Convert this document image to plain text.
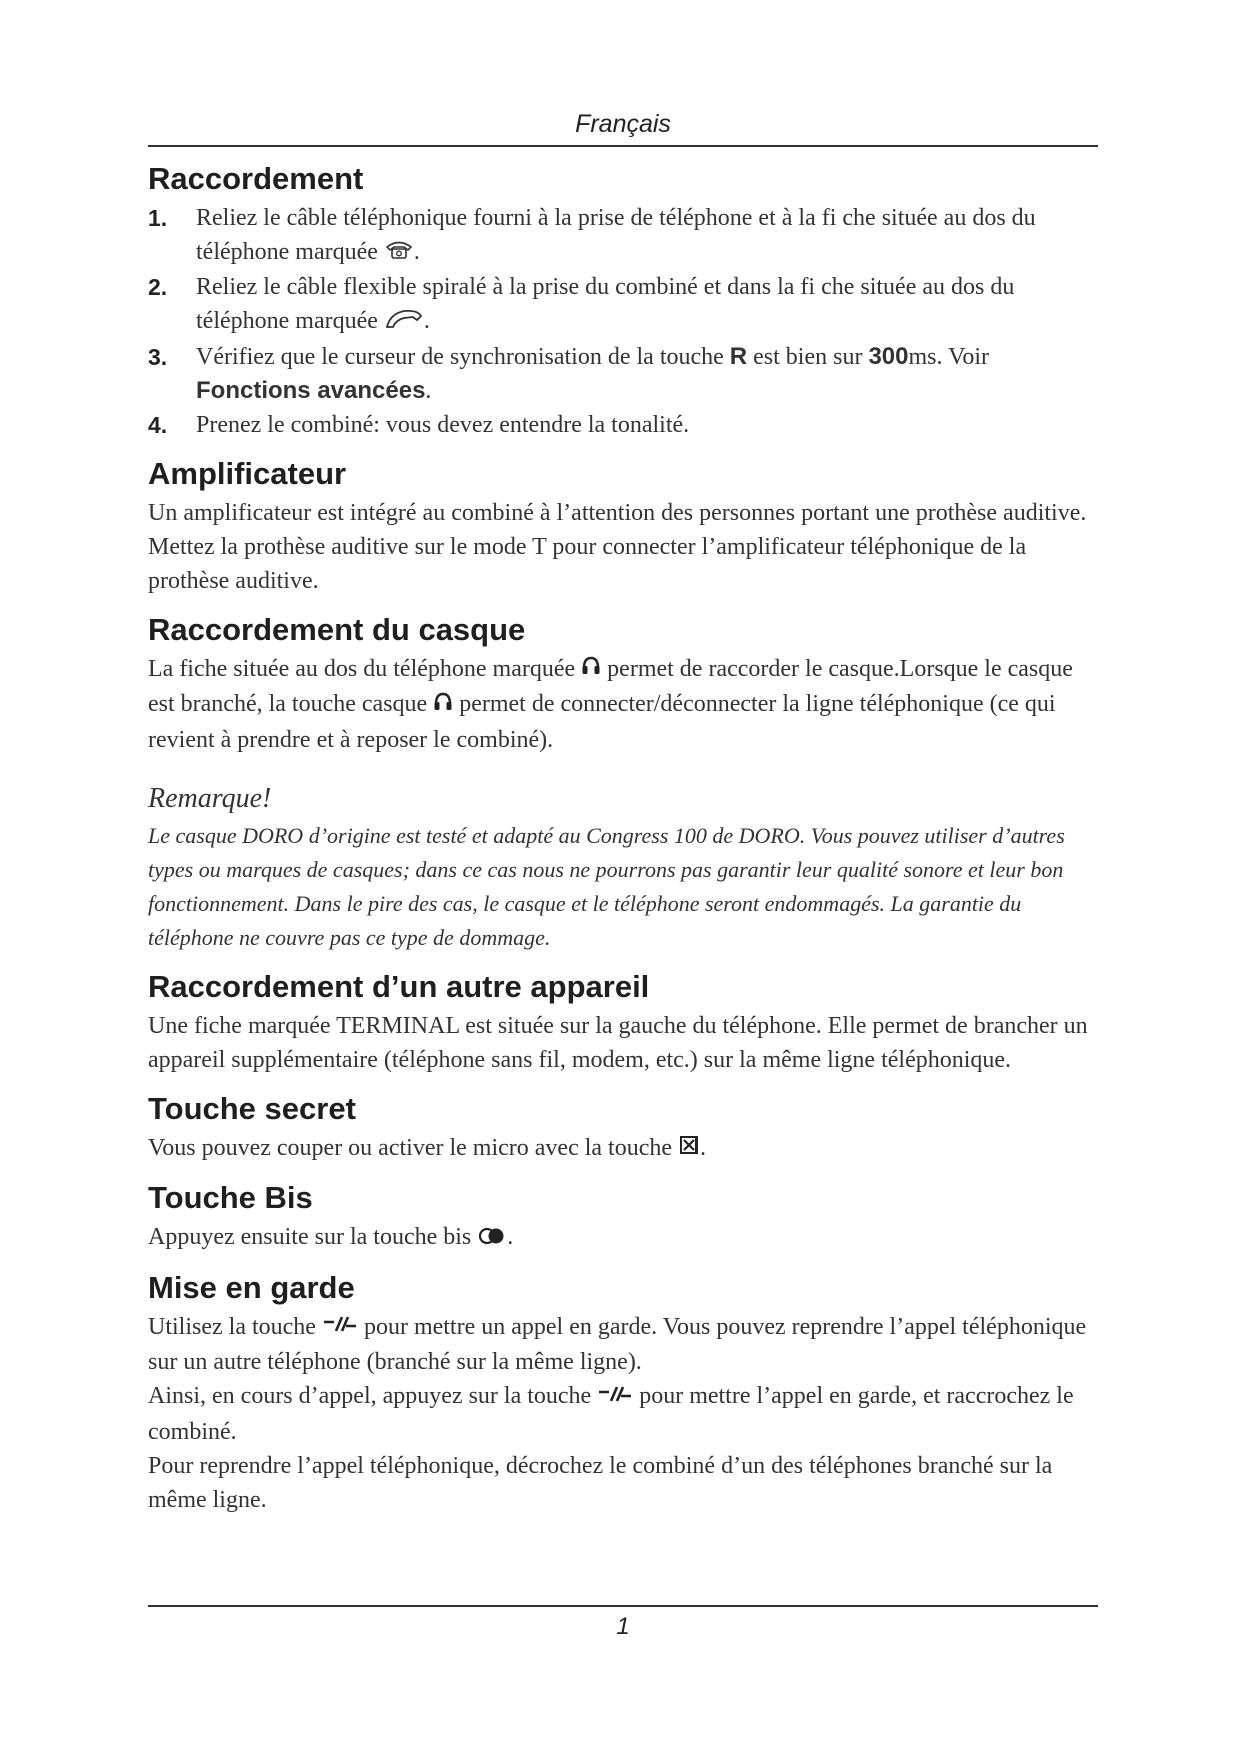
Français
Raccordement
1. Reliez le câble téléphonique fourni à la prise de téléphone et à la fi che située au dos du téléphone marquée .
2. Reliez le câble flexible spiralé à la prise du combiné et dans la fi che située au dos du téléphone marquée .
3. Vérifiez que le curseur de synchronisation de la touche R est bien sur 300ms. Voir Fonctions avancées.
4. Prenez le combiné: vous devez entendre la tonalité.
Amplificateur

Un amplificateur est intégré au combiné à l’attention des personnes portant une prothèse auditive. Mettez la prothèse auditive sur le mode T pour connecter l’amplificateur téléphonique de la prothèse auditive.

Raccordement du casque

La fiche située au dos du téléphone marquée  permet de raccorder le casque.Lorsque le casque est branché, la touche casque  permet de connecter/déconnecter la ligne téléphonique (ce qui revient à prendre et à reposer le combiné).

Remarque!

Le casque DORO d’origine est testé et adapté au Congress 100 de DORO. Vous pouvez utiliser d’autres types ou marques de casques; dans ce cas nous ne pourrons pas garantir leur qualité sonore et leur bon fonctionnement. Dans le pire des cas, le casque et le téléphone seront endommagés. La garantie du téléphone ne couvre pas ce type de dommage.

Raccordement d’un autre appareil

Une fiche marquée TERMINAL est située sur la gauche du téléphone. Elle permet de brancher un appareil supplémentaire (téléphone sans fil, modem, etc.) sur la même ligne téléphonique.

Touche secret

Vous pouvez couper ou activer le micro avec la touche .

Touche Bis

Appuyez ensuite sur la touche bis .

Mise en garde

Utilisez la touche  pour mettre un appel en garde. Vous pouvez reprendre l’appel téléphonique sur un autre téléphone (branché sur la même ligne).

Ainsi, en cours d’appel, appuyez sur la touche  pour mettre l’appel en garde, et raccrochez le combiné.

Pour reprendre l’appel téléphonique, décrochez le combiné d’un des téléphones branché sur la même ligne.

1
